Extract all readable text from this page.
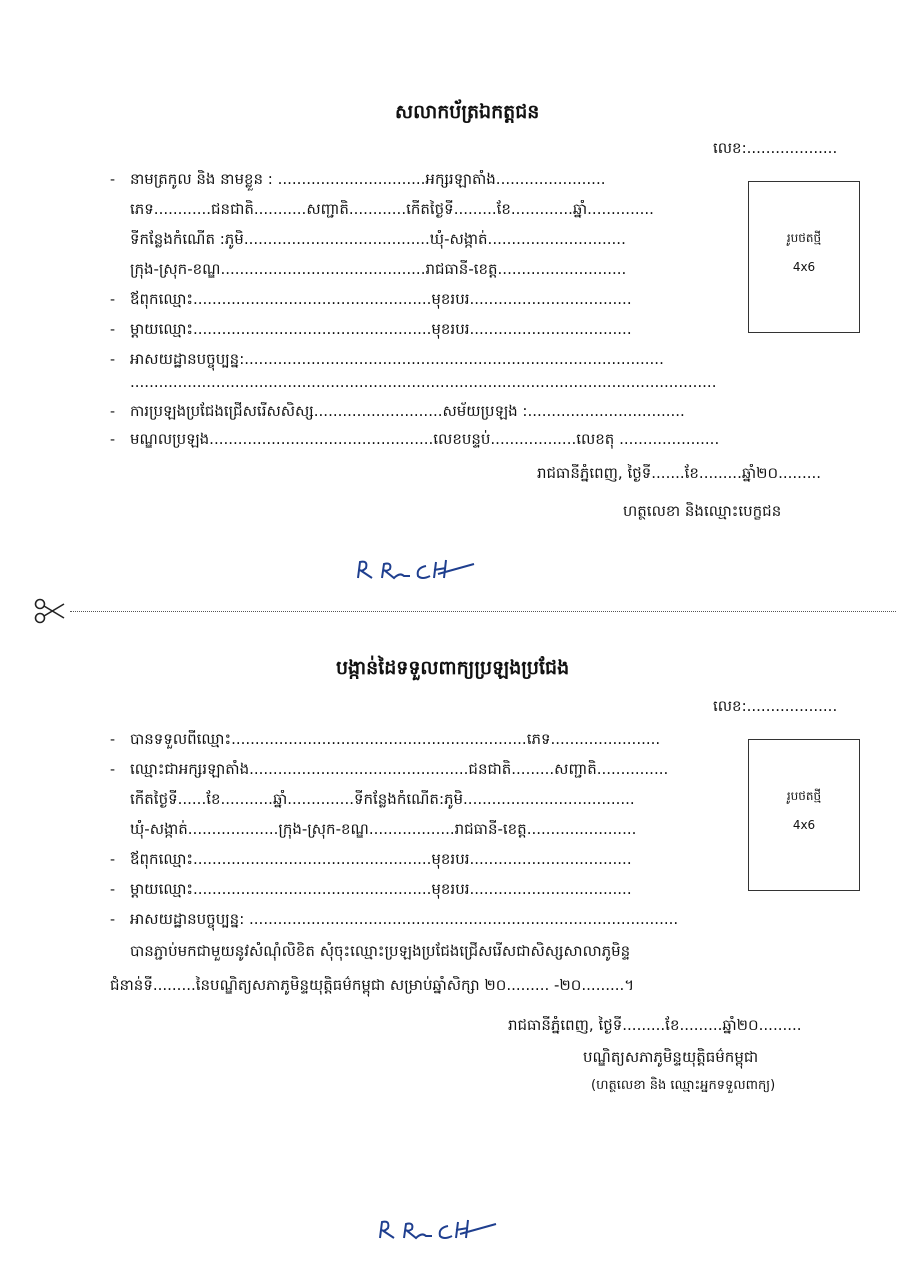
សលាកប័ត្រឯកត្តជន
លេខ:...................
- នាមត្រកូល និង នាមខ្លួន : ...............................អក្សរឡាតាំង.......................
ភេទ............ជនជាតិ...........សញ្ជាតិ............កើតថ្ងៃទី.........ខែ.............ឆ្នាំ..............
ទីកន្លែងកំណើត :ភូមិ.......................................ឃុំ-សង្កាត់.............................
ក្រុង-ស្រុក-ខណ្ឌ...........................................រាជធានី-ខេត្ត...........................
- ឪពុកឈ្មោះ..................................................មុខរបរ..................................
- ម្តាយឈ្មោះ..................................................មុខរបរ..................................
- អាសយដ្ឋានបច្ចុប្បន្ន:........................................................................................
...........................................................................................................................
- ការប្រឡងប្រជែងជ្រើសរើសសិស្ស...........................សម័យប្រឡង :.................................
- មណ្ឌលប្រឡង...............................................លេខបន្ទប់..................លេខតុ .....................
រូបថតថ្មី
4x6
រាជធានីភ្នំពេញ, ថ្ងៃទី.......ខែ.........ឆ្នាំ២០.........
ហត្ថលេខា និងឈ្មោះបេក្ខជន
បង្កាន់ដៃទទួលពាក្យប្រឡងប្រជែង
លេខ:...................
- បានទទួលពីឈ្មោះ..............................................................ភេទ.......................
- ឈ្មោះជាអក្សរឡាតាំង..............................................ជនជាតិ.........សញ្ជាតិ...............
កើតថ្ងៃទី......ខែ...........ឆ្នាំ..............ទីកន្លែងកំណើត:ភូមិ....................................
ឃុំ-សង្កាត់...................ក្រុង-ស្រុក-ខណ្ឌ..................រាជធានី-ខេត្ត.......................
- ឪពុកឈ្មោះ..................................................មុខរបរ..................................
- ម្តាយឈ្មោះ..................................................មុខរបរ..................................
- អាសយដ្ឋានបច្ចុប្បន្ន: ..........................................................................................
រូបថតថ្មី
4x6
បានភ្ជាប់មកជាមួយនូវសំណុំលិខិត សុំចុះឈ្មោះប្រឡងប្រជែងជ្រើសរើសជាសិស្សសាលាភូមិន្ទ
ជំនាន់ទី.........នៃបណ្ឌិត្យសភាភូមិន្ទយុត្តិធម៌កម្ពុជា សម្រាប់ឆ្នាំសិក្សា ២០......... -២០.........។
រាជធានីភ្នំពេញ, ថ្ងៃទី.........ខែ.........ឆ្នាំ២០.........
បណ្ឌិត្យសភាភូមិន្ទយុត្តិធម៌កម្ពុជា
(ហត្ថលេខា និង ឈ្មោះអ្នកទទួលពាក្យ)
